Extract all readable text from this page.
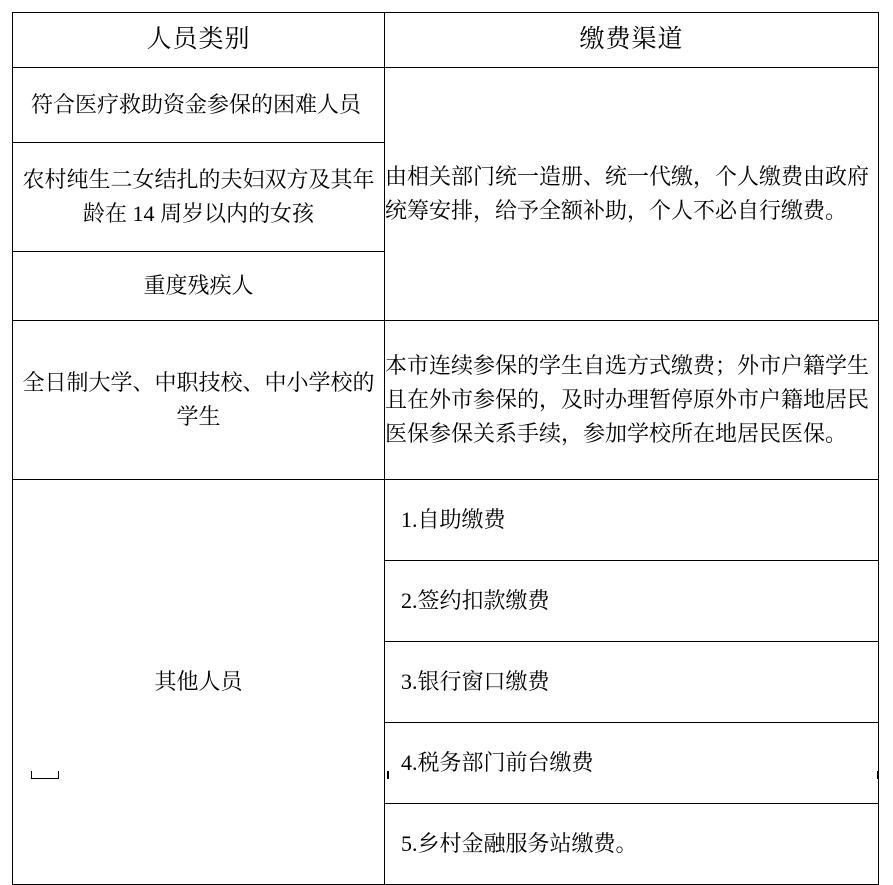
人员类别	缴费渠道
符合医疗救助资金参保的困难人员	由相关部门统一造册、统一代缴，个人缴费由政府统筹安排，给予全额补助，个人不必自行缴费。
农村纯生二女结扎的夫妇双方及其年龄在 14 周岁以内的女孩	
重度残疾人	
全日制大学、中职技校、中小学校的学生	本市连续参保的学生自选方式缴费；外市户籍学生且在外市参保的，及时办理暂停原外市户籍地居民医保参保关系手续，参加学校所在地居民医保。
其他人员	1.自助缴费
	2.签约扣款缴费
	3.银行窗口缴费
	4.税务部门前台缴费
	5.乡村金融服务站缴费。
